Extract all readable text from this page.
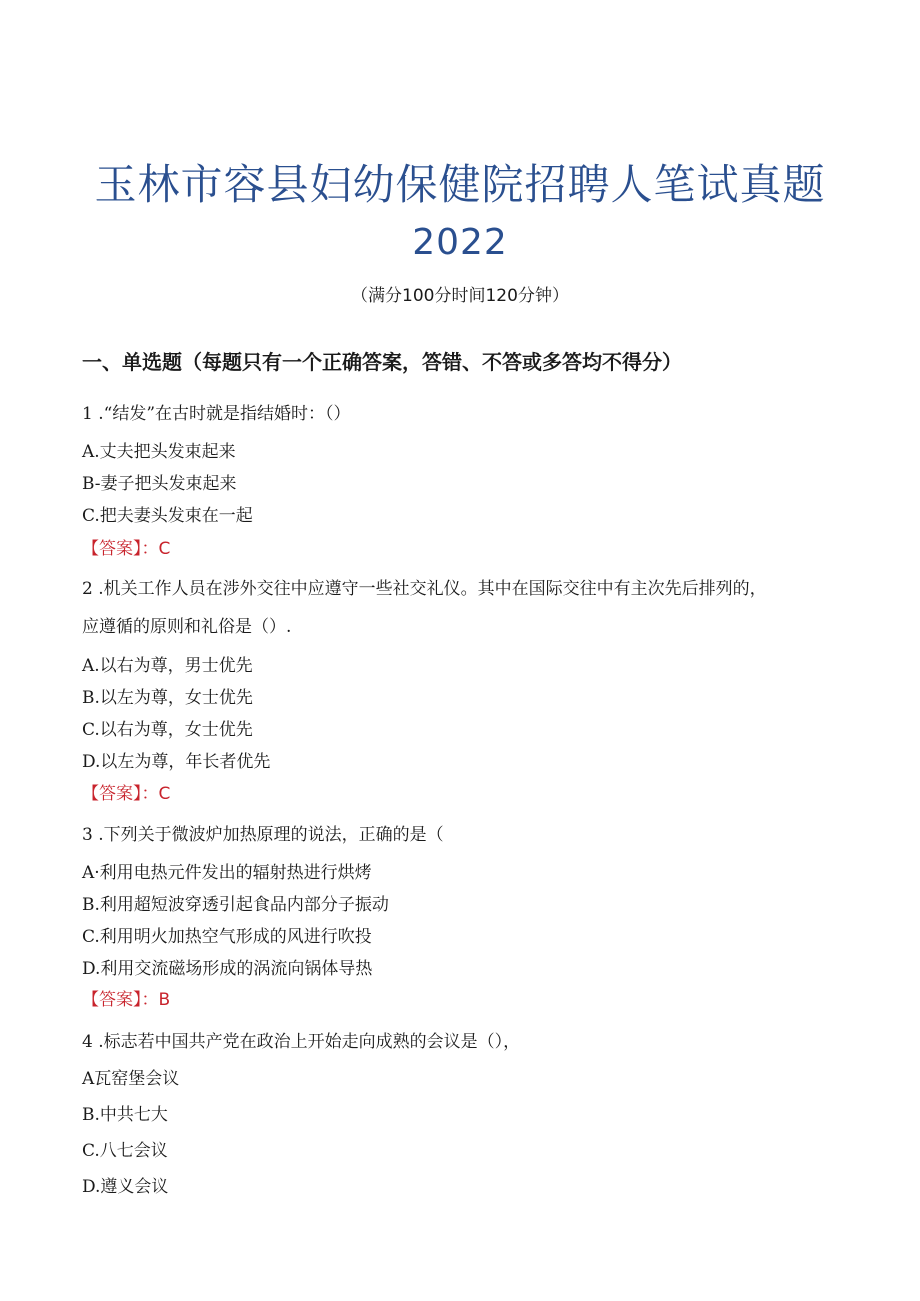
玉林市容县妇幼保健院招聘人笔试真题
2022
（满分100分时间120分钟）
一、单选题（每题只有一个正确答案，答错、不答或多答均不得分）
1 .“结发”在古时就是指结婚时：（）
A.丈夫把头发束起来
B-妻子把头发束起来
C.把夫妻头发束在一起
【答案】：C
2 .机关工作人员在涉外交往中应遵守一些社交礼仪。其中在国际交往中有主次先后排列的，
应遵循的原则和礼俗是（）.
A.以右为尊，男士优先
B.以左为尊，女士优先
C.以右为尊，女士优先
D.以左为尊，年长者优先
【答案】：C
3 .下列关于微波炉加热原理的说法，正确的是（
A·利用电热元件发出的辐射热进行烘烤
B.利用超短波穿透引起食品内部分子振动
C.利用明火加热空气形成的风进行吹投
D.利用交流磁场形成的涡流向锅体导热
【答案】：B
4 .标志若中国共产党在政治上开始走向成熟的会议是（），
A瓦窑堡会议
B.中共七大
C.八七会议
D.遵义会议
